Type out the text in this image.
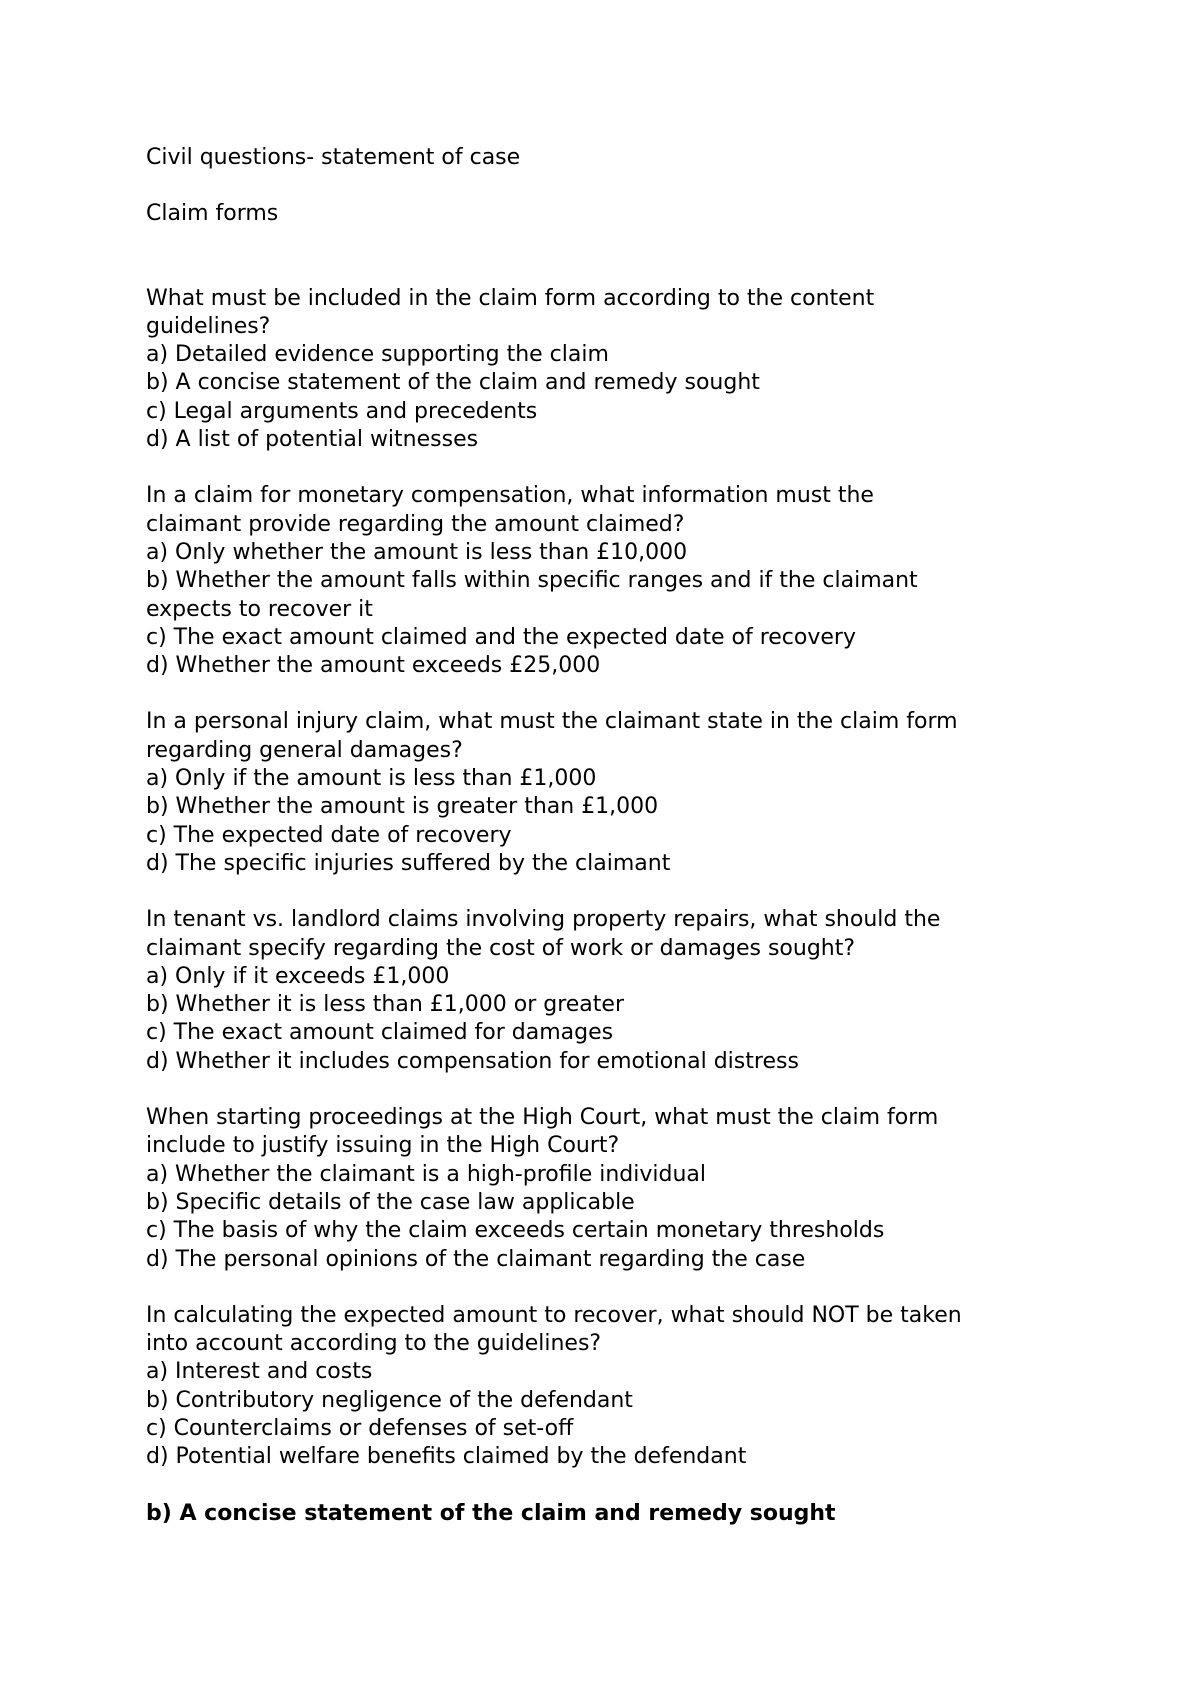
Civil questions- statement of case

Claim forms

What must be included in the claim form according to the content

guidelines?

a) Detailed evidence supporting the claim

b) A concise statement of the claim and remedy sought

c) Legal arguments and precedents

d) A list of potential witnesses

In a claim for monetary compensation, what information must the

claimant provide regarding the amount claimed?

a) Only whether the amount is less than £10,000

b) Whether the amount falls within specific ranges and if the claimant

expects to recover it

c) The exact amount claimed and the expected date of recovery

d) Whether the amount exceeds £25,000

In a personal injury claim, what must the claimant state in the claim form

regarding general damages?

a) Only if the amount is less than £1,000

b) Whether the amount is greater than £1,000

c) The expected date of recovery

d) The specific injuries suffered by the claimant

In tenant vs. landlord claims involving property repairs, what should the

claimant specify regarding the cost of work or damages sought?

a) Only if it exceeds £1,000

b) Whether it is less than £1,000 or greater

c) The exact amount claimed for damages

d) Whether it includes compensation for emotional distress

When starting proceedings at the High Court, what must the claim form

include to justify issuing in the High Court?

a) Whether the claimant is a high-profile individual

b) Specific details of the case law applicable

c) The basis of why the claim exceeds certain monetary thresholds

d) The personal opinions of the claimant regarding the case

In calculating the expected amount to recover, what should NOT be taken

into account according to the guidelines?

a) Interest and costs

b) Contributory negligence of the defendant

c) Counterclaims or defenses of set-off

d) Potential welfare benefits claimed by the defendant

b) A concise statement of the claim and remedy sought
